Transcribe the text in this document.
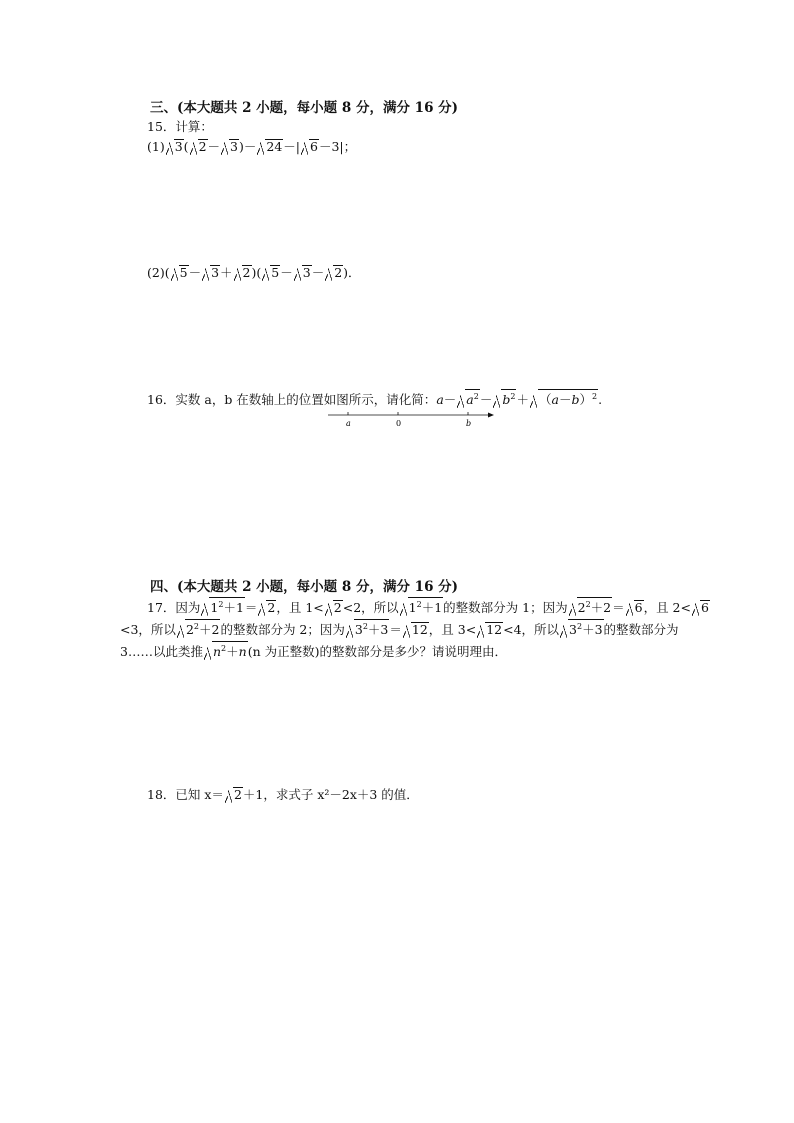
三、(本大题共 2 小题，每小题 8 分，满分 16 分)
15．计算：
(1) 3( 2－ 3)－ 24－| 6－3|；
(2)( 5－ 3＋ 2)( 5－ 3－ 2)．
16．实数 a，b 在数轴上的位置如图所示，请化简：$a- a^2- b^2+ (a-b)^2$.
a	0	b
四、(本大题共 2 小题，每小题 8 分，满分 16 分)
17．因为 $1^2+1= 2$，且 1< 2<2，所以 $1^2+1$的整数部分为 1；因为 $2^2+2= 6$，且 2< 6
<3，所以 $2^2+2$的整数部分为 2；因为 $3^2+3= 12$，且 3< 12<4，所以 $3^2+3$的整数部分为
3……以此类推 $n^2+n(n$ 为正整数)的整数部分是多少？请说明理由．
18．已知 x＝ 2＋1，求式子 x²－2x＋3 的值．
